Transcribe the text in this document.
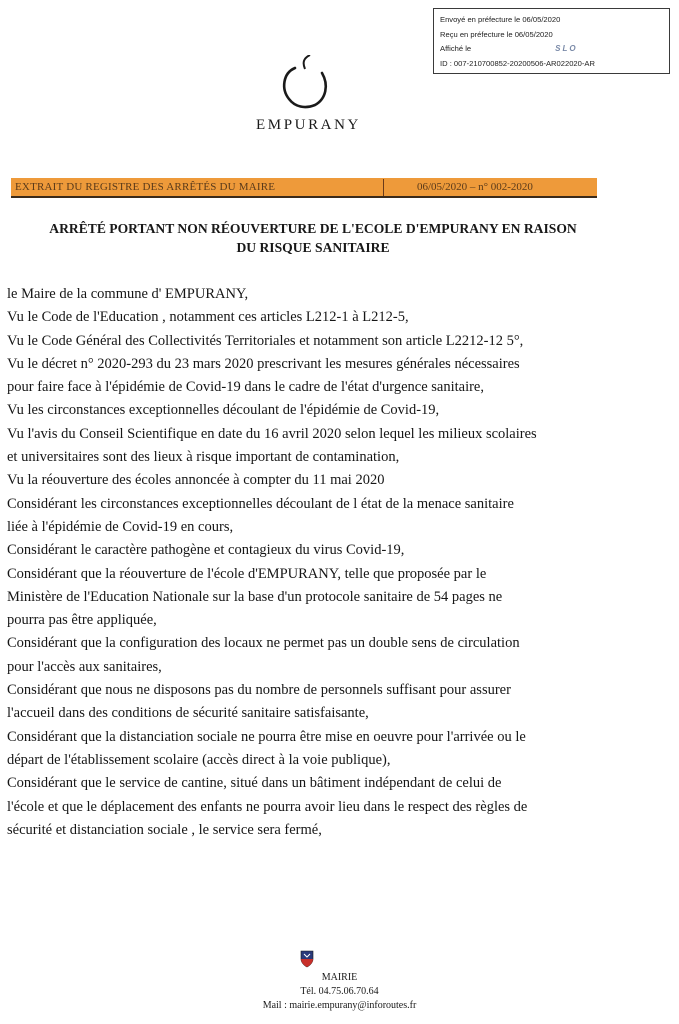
Envoyé en préfecture le 06/05/2020
Reçu en préfecture le 06/05/2020
Affiché le	SLO
ID : 007-210700852-20200506-AR022020-AR
EMPURANY
EXTRAIT DU REGISTRE DES ARRÊTÉS DU MAIRE	06/05/2020 – n° 002-2020
ARRÊTÉ PORTANT NON RÉOUVERTURE DE L'ECOLE D'EMPURANY EN RAISON
DU RISQUE SANITAIRE
le Maire de la commune d' EMPURANY,
Vu le Code de l'Education , notamment ces articles L212-1 à L212-5,
Vu le Code Général des Collectivités Territoriales et notamment son article L2212-12 5°,
Vu le décret n° 2020-293 du 23 mars 2020 prescrivant les mesures générales nécessaires
pour faire face à l'épidémie de Covid-19 dans le cadre de l'état d'urgence sanitaire,
Vu les circonstances exceptionnelles découlant de l'épidémie de Covid-19,
Vu l'avis du Conseil Scientifique en date du 16 avril 2020 selon lequel les milieux scolaires
et universitaires sont des lieux à risque important de contamination,
Vu la réouverture des écoles annoncée à compter du 11 mai 2020
Considérant les circonstances exceptionnelles découlant de l état de la menace sanitaire
liée à l'épidémie de Covid-19 en cours,
Considérant le caractère pathogène et contagieux du virus Covid-19,
Considérant que la réouverture de l'école d'EMPURANY, telle que proposée par le
Ministère de l'Education Nationale sur la base d'un protocole sanitaire de 54 pages ne
pourra pas être appliquée,
Considérant que la configuration des locaux ne permet pas un double sens de circulation
pour l'accès aux sanitaires,
Considérant que nous ne disposons pas du nombre de personnels suffisant pour assurer
l'accueil dans des conditions de sécurité sanitaire satisfaisante,
Considérant que la distanciation sociale ne pourra être mise en oeuvre pour l'arrivée ou le
départ de l'établissement scolaire (accès direct à la voie publique),
Considérant que le service de cantine, situé dans un bâtiment indépendant de celui de
l'école et que le déplacement des enfants ne pourra avoir lieu dans le respect des règles de
sécurité et distanciation sociale , le service sera fermé,
MAIRIE
Tél. 04.75.06.70.64
Mail : mairie.empurany@inforoutes.fr
